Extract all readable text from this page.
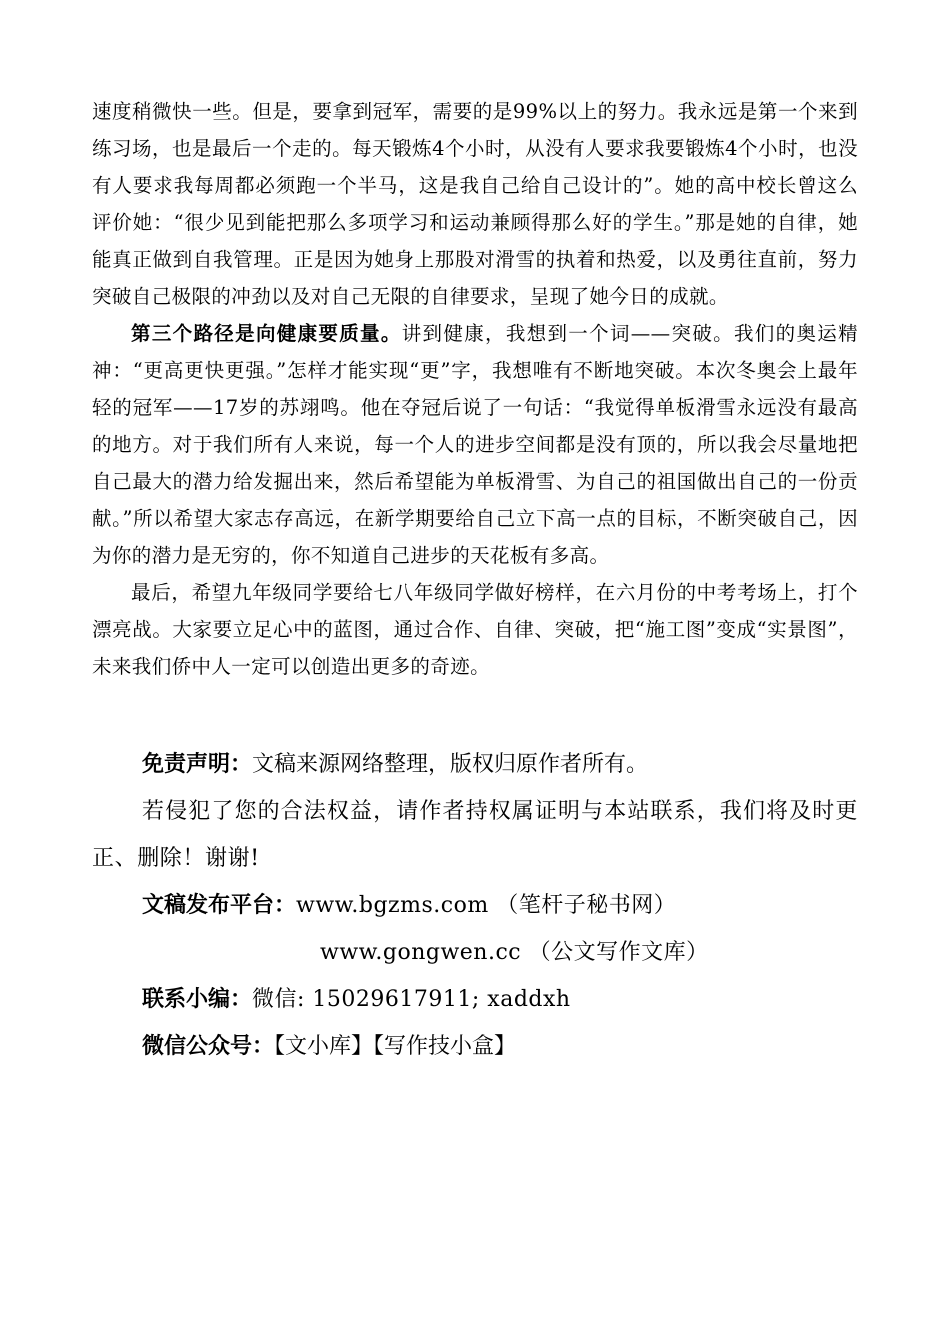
速度稍微快一些。但是，要拿到冠军，需要的是99%以上的努力。我永远是第一个来到练习场，也是最后一个走的。每天锻炼4个小时，从没有人要求我要锻炼4个小时，也没有人要求我每周都必须跑一个半马，这是我自己给自己设计的”。她的高中校长曾这么评价她：“很少见到能把那么多项学习和运动兼顾得那么好的学生。”那是她的自律，她能真正做到自我管理。正是因为她身上那股对滑雪的执着和热爱，以及勇往直前，努力突破自己极限的冲劲以及对自己无限的自律要求，呈现了她今日的成就。

第三个路径是向健康要质量。讲到健康，我想到一个词——突破。我们的奥运精神：“更高更快更强。”怎样才能实现“更”字，我想唯有不断地突破。本次冬奥会上最年轻的冠军——17岁的苏翊鸣。他在夺冠后说了一句话：“我觉得单板滑雪永远没有最高的地方。对于我们所有人来说，每一个人的进步空间都是没有顶的，所以我会尽量地把自己最大的潜力给发掘出来，然后希望能为单板滑雪、为自己的祖国做出自己的一份贡献。”所以希望大家志存高远，在新学期要给自己立下高一点的目标，不断突破自己，因为你的潜力是无穷的，你不知道自己进步的天花板有多高。

最后，希望九年级同学要给七八年级同学做好榜样，在六月份的中考考场上，打个漂亮战。大家要立足心中的蓝图，通过合作、自律、突破，把“施工图”变成“实景图”，未来我们侨中人一定可以创造出更多的奇迹。

免责声明：文稿来源网络整理，版权归原作者所有。

若侵犯了您的合法权益，请作者持权属证明与本站联系，我们将及时更正、删除！谢谢!

文稿发布平台：www.bgzms.com （笔杆子秘书网）

www.gongwen.cc （公文写作文库）

联系小编：微信: 15029617911; xaddxh

微信公众号：【文小库】【写作技小盒】
